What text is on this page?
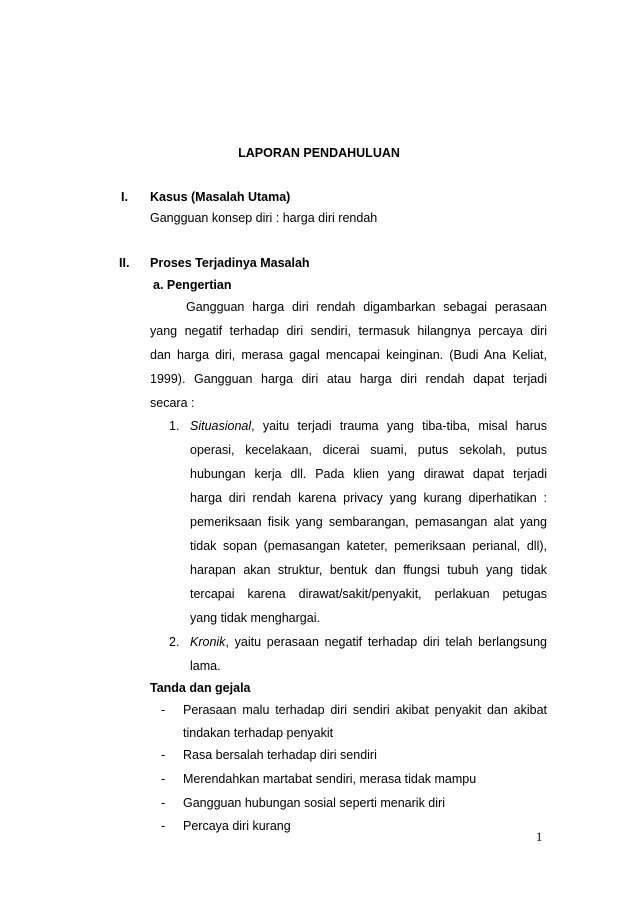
LAPORAN PENDAHULUAN
I. Kasus (Masalah Utama)
Gangguan konsep diri : harga diri rendah
II. Proses Terjadinya Masalah
a. Pengertian
Gangguan harga diri rendah digambarkan sebagai perasaan
yang negatif terhadap diri sendiri, termasuk hilangnya percaya diri
dan harga diri, merasa gagal mencapai keinginan. (Budi Ana Keliat,
1999). Gangguan harga diri atau harga diri rendah dapat terjadi
secara :
1. Situasional, yaitu terjadi trauma yang tiba-tiba, misal harus
operasi, kecelakaan, dicerai suami, putus sekolah, putus
hubungan kerja dll. Pada klien yang dirawat dapat terjadi
harga diri rendah karena privacy yang kurang diperhatikan :
pemeriksaan fisik yang sembarangan, pemasangan alat yang
tidak sopan (pemasangan kateter, pemeriksaan perianal, dll),
harapan akan struktur, bentuk dan ffungsi tubuh yang tidak
tercapai karena dirawat/sakit/penyakit, perlakuan petugas
yang tidak menghargai.
2. Kronik, yaitu perasaan negatif terhadap diri telah berlangsung
lama.
Tanda dan gejala
- Perasaan malu terhadap diri sendiri akibat penyakit dan akibat
tindakan terhadap penyakit
- Rasa bersalah terhadap diri sendiri
- Merendahkan martabat sendiri, merasa tidak mampu
- Gangguan hubungan sosial seperti menarik diri
- Percaya diri kurang
1
